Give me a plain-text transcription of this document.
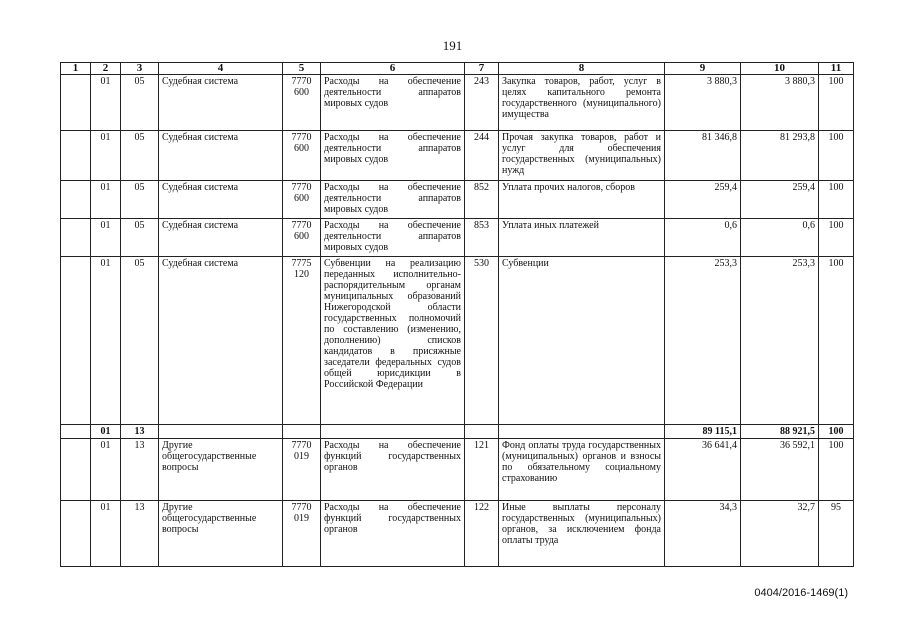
191
1	2	3	4	5	6	7	8	9	10	11
	01	05	Судебная система	7770 600	Расходы на обеспечение деятельности аппаратов мировых судов	243	Закупка товаров, работ, услуг в целях капитального ремонта государственного (муниципального) имущества	3 880,3	3 880,3	100
	01	05	Судебная система	7770 600	Расходы на обеспечение деятельности аппаратов мировых судов	244	Прочая закупка товаров, работ и услуг для обеспечения государственных (муниципальных) нужд	81 346,8	81 293,8	100
	01	05	Судебная система	7770 600	Расходы на обеспечение деятельности аппаратов мировых судов	852	Уплата прочих налогов, сборов	259,4	259,4	100
	01	05	Судебная система	7770 600	Расходы на обеспечение деятельности аппаратов мировых судов	853	Уплата иных платежей	0,6	0,6	100
	01	05	Судебная система	7775 120	Субвенции на реализацию переданных исполнительно-распорядительным органам муниципальных образований Нижегородской области государственных полномочий по составлению (изменению, дополнению) списков кандидатов в присяжные заседатели федеральных судов общей юрисдикции в Российской Федерации	530	Субвенции	253,3	253,3	100
	01	13						89 115,1	88 921,5	100
	01	13	Другие общегосударственные вопросы	7770 019	Расходы на обеспечение функций государственных органов	121	Фонд оплаты труда государственных (муниципальных) органов и взносы по обязательному социальному страхованию	36 641,4	36 592,1	100
	01	13	Другие общегосударственные вопросы	7770 019	Расходы на обеспечение функций государственных органов	122	Иные выплаты персоналу государственных (муниципальных) органов, за исключением фонда оплаты труда	34,3	32,7	95
0404/2016-1469(1)
